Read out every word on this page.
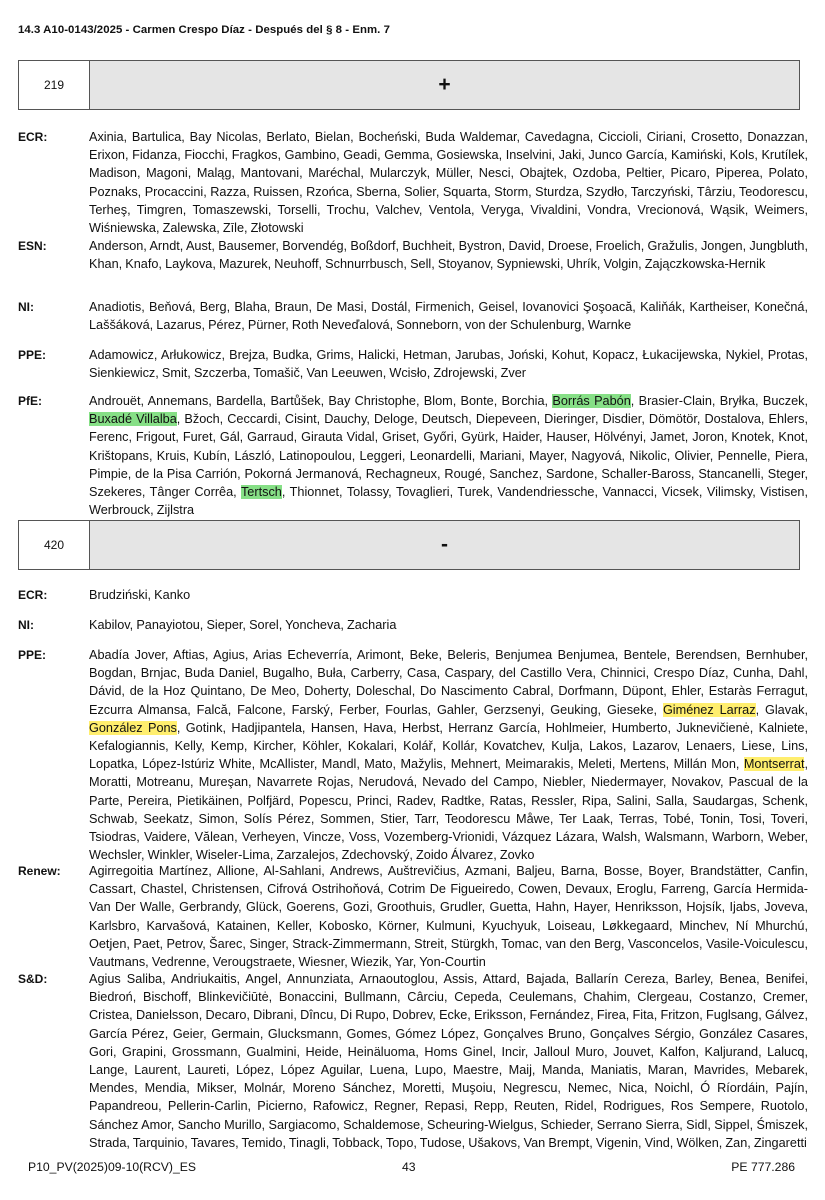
14.3 A10-0143/2025 - Carmen Crespo Díaz - Después del § 8 - Enm. 7
219	+
ECR:	Axinia, Bartulica, Bay Nicolas, Berlato, Bielan, Bocheński, Buda Waldemar, Cavedagna, Ciccioli, Ciriani, Crosetto, Donazzan, Erixon, Fidanza, Fiocchi, Fragkos, Gambino, Geadi, Gemma, Gosiewska, Inselvini, Jaki, Junco García, Kamiński, Kols, Krutílek, Madison, Magoni, Maląg, Mantovani, Maréchal, Mularczyk, Müller, Nesci, Obajtek, Ozdoba, Peltier, Picaro, Piperea, Polato, Poznaks, Procaccini, Razza, Ruissen, Rzońca, Sberna, Solier, Squarta, Storm, Sturdza, Szydło, Tarczyński, Târziu, Teodorescu, Terheş, Timgren, Tomaszewski, Torselli, Trochu, Valchev, Ventola, Veryga, Vivaldini, Vondra, Vrecionová, Wąsik, Weimers, Wiśniewska, Zalewska, Zīle, Złotowski
ESN:	Anderson, Arndt, Aust, Bausemer, Borvendég, Boßdorf, Buchheit, Bystron, David, Droese, Froelich, Gražulis, Jongen, Jungbluth, Khan, Knafo, Laykova, Mazurek, Neuhoff, Schnurrbusch, Sell, Stoyanov, Sypniewski, Uhrík, Volgin, Zajączkowska-Hernik
NI:	Anadiotis, Beňová, Berg, Blaha, Braun, De Masi, Dostál, Firmenich, Geisel, Iovanovici Şoşoacă, Kaliňák, Kartheiser, Konečná, Laššáková, Lazarus, Pérez, Pürner, Roth Neveďalová, Sonneborn, von der Schulenburg, Warnke
PPE:	Adamowicz, Arłukowicz, Brejza, Budka, Grims, Halicki, Hetman, Jarubas, Joński, Kohut, Kopacz, Łukacijewska, Nykiel, Protas, Sienkiewicz, Smit, Szczerba, Tomašič, Van Leeuwen, Wcisło, Zdrojewski, Zver
PfE:	Androuët, Annemans, Bardella, Bartůšek, Bay Christophe, Blom, Bonte, Borchia, Borrás Pabón, Brasier-Clain, Bryłka, Buczek, Buxadé Villalba, Bžoch, Ceccardi, Cisint, Dauchy, Deloge, Deutsch, Diepeveen, Dieringer, Disdier, Dömötör, Dostalova, Ehlers, Ferenc, Frigout, Furet, Gál, Garraud, Girauta Vidal, Griset, Győri, Gyürk, Haider, Hauser, Hölvényi, Jamet, Joron, Knotek, Knot, Krištopans, Kruis, Kubín, László, Latinopoulou, Leggeri, Leonardelli, Mariani, Mayer, Nagyová, Nikolic, Olivier, Pennelle, Piera, Pimpie, de la Pisa Carrión, Pokorná Jermanová, Rechagneux, Rougé, Sanchez, Sardone, Schaller-Baross, Stancanelli, Steger, Szekeres, Tânger Corrêa, Tertsch, Thionnet, Tolassy, Tovaglieri, Turek, Vandendriessche, Vannacci, Vicsek, Vilimsky, Vistisen, Werbrouck, Zijlstra
420	-
ECR:	Brudziński, Kanko
NI:	Kabilov, Panayiotou, Sieper, Sorel, Yoncheva, Zacharia
PPE:	Abadía Jover, Aftias, Agius, Arias Echeverría, Arimont, Beke, Beleris, Benjumea Benjumea, Bentele, Berendsen, Bernhuber, Bogdan, Brnjac, Buda Daniel, Bugalho, Buła, Carberry, Casa, Caspary, del Castillo Vera, Chinnici, Crespo Díaz, Cunha, Dahl, Dávid, de la Hoz Quintano, De Meo, Doherty, Doleschal, Do Nascimento Cabral, Dorfmann, Düpont, Ehler, Estaràs Ferragut, Ezcurra Almansa, Falcă, Falcone, Farský, Ferber, Fourlas, Gahler, Gerzsenyi, Geuking, Gieseke, Giménez Larraz, Glavak, González Pons, Gotink, Hadjipantela, Hansen, Hava, Herbst, Herranz García, Hohlmeier, Humberto, Juknevičienė, Kalniete, Kefalogiannis, Kelly, Kemp, Kircher, Köhler, Kokalari, Kolář, Kollár, Kovatchev, Kulja, Lakos, Lazarov, Lenaers, Liese, Lins, Lopatka, López-Istúriz White, McAllister, Mandl, Mato, Mažylis, Mehnert, Meimarakis, Meleti, Mertens, Millán Mon, Montserrat, Moratti, Motreanu, Mureşan, Navarrete Rojas, Nerudová, Nevado del Campo, Niebler, Niedermayer, Novakov, Pascual de la Parte, Pereira, Pietikäinen, Polfjärd, Popescu, Princi, Radev, Radtke, Ratas, Ressler, Ripa, Salini, Salla, Saudargas, Schenk, Schwab, Seekatz, Simon, Solís Pérez, Sommen, Stier, Tarr, Teodorescu Måwe, Ter Laak, Terras, Tobé, Tonin, Tosi, Toveri, Tsiodras, Vaidere, Vălean, Verheyen, Vincze, Voss, Vozemberg-Vrionidi, Vázquez Lázara, Walsh, Walsmann, Warborn, Weber, Wechsler, Winkler, Wiseler-Lima, Zarzalejos, Zdechovský, Zoido Álvarez, Zovko
Renew:	Agirregoitia Martínez, Allione, Al-Sahlani, Andrews, Auštrevičius, Azmani, Baljeu, Barna, Bosse, Boyer, Brandstätter, Canfin, Cassart, Chastel, Christensen, Cifrová Ostrihoňová, Cotrim De Figueiredo, Cowen, Devaux, Eroglu, Farreng, García Hermida-Van Der Walle, Gerbrandy, Glück, Goerens, Gozi, Groothuis, Grudler, Guetta, Hahn, Hayer, Henriksson, Hojsík, Ijabs, Joveva, Karlsbro, Karvašová, Katainen, Keller, Kobosko, Körner, Kulmuni, Kyuchyuk, Loiseau, Løkkegaard, Minchev, Ní Mhurchú, Oetjen, Paet, Petrov, Šarec, Singer, Strack-Zimmermann, Streit, Stürgkh, Tomac, van den Berg, Vasconcelos, Vasile-Voiculescu, Vautmans, Vedrenne, Verougstraete, Wiesner, Wiezik, Yar, Yon-Courtin
S&D:	Agius Saliba, Andriukaitis, Angel, Annunziata, Arnaoutoglou, Assis, Attard, Bajada, Ballarín Cereza, Barley, Benea, Benifei, Biedroń, Bischoff, Blinkevičiūtė, Bonaccini, Bullmann, Cârciu, Cepeda, Ceulemans, Chahim, Clergeau, Costanzo, Cremer, Cristea, Danielsson, Decaro, Dibrani, Dîncu, Di Rupo, Dobrev, Ecke, Eriksson, Fernández, Firea, Fita, Fritzon, Fuglsang, Gálvez, García Pérez, Geier, Germain, Glucksmann, Gomes, Gómez López, Gonçalves Bruno, Gonçalves Sérgio, González Casares, Gori, Grapini, Grossmann, Gualmini, Heide, Heinäluoma, Homs Ginel, Incir, Jalloul Muro, Jouvet, Kalfon, Kaljurand, Lalucq, Lange, Laurent, Laureti, López, López Aguilar, Luena, Lupo, Maestre, Maij, Manda, Maniatis, Maran, Mavrides, Mebarek, Mendes, Mendia, Mikser, Molnár, Moreno Sánchez, Moretti, Muşoiu, Negrescu, Nemec, Nica, Noichl, Ó Ríordáin, Pajín, Papandreou, Pellerin-Carlin, Picierno, Rafowicz, Regner, Repasi, Repp, Reuten, Ridel, Rodrigues, Ros Sempere, Ruotolo, Sánchez Amor, Sancho Murillo, Sargiacomo, Schaldemose, Scheuring-Wielgus, Schieder, Serrano Sierra, Sidl, Sippel, Śmiszek, Strada, Tarquinio, Tavares, Temido, Tinagli, Tobback, Topo, Tudose, Ušakovs, Van Brempt, Vigenin, Vind, Wölken, Zan, Zingaretti
P10_PV(2025)09-10(RCV)_ES	43	PE 777.286
